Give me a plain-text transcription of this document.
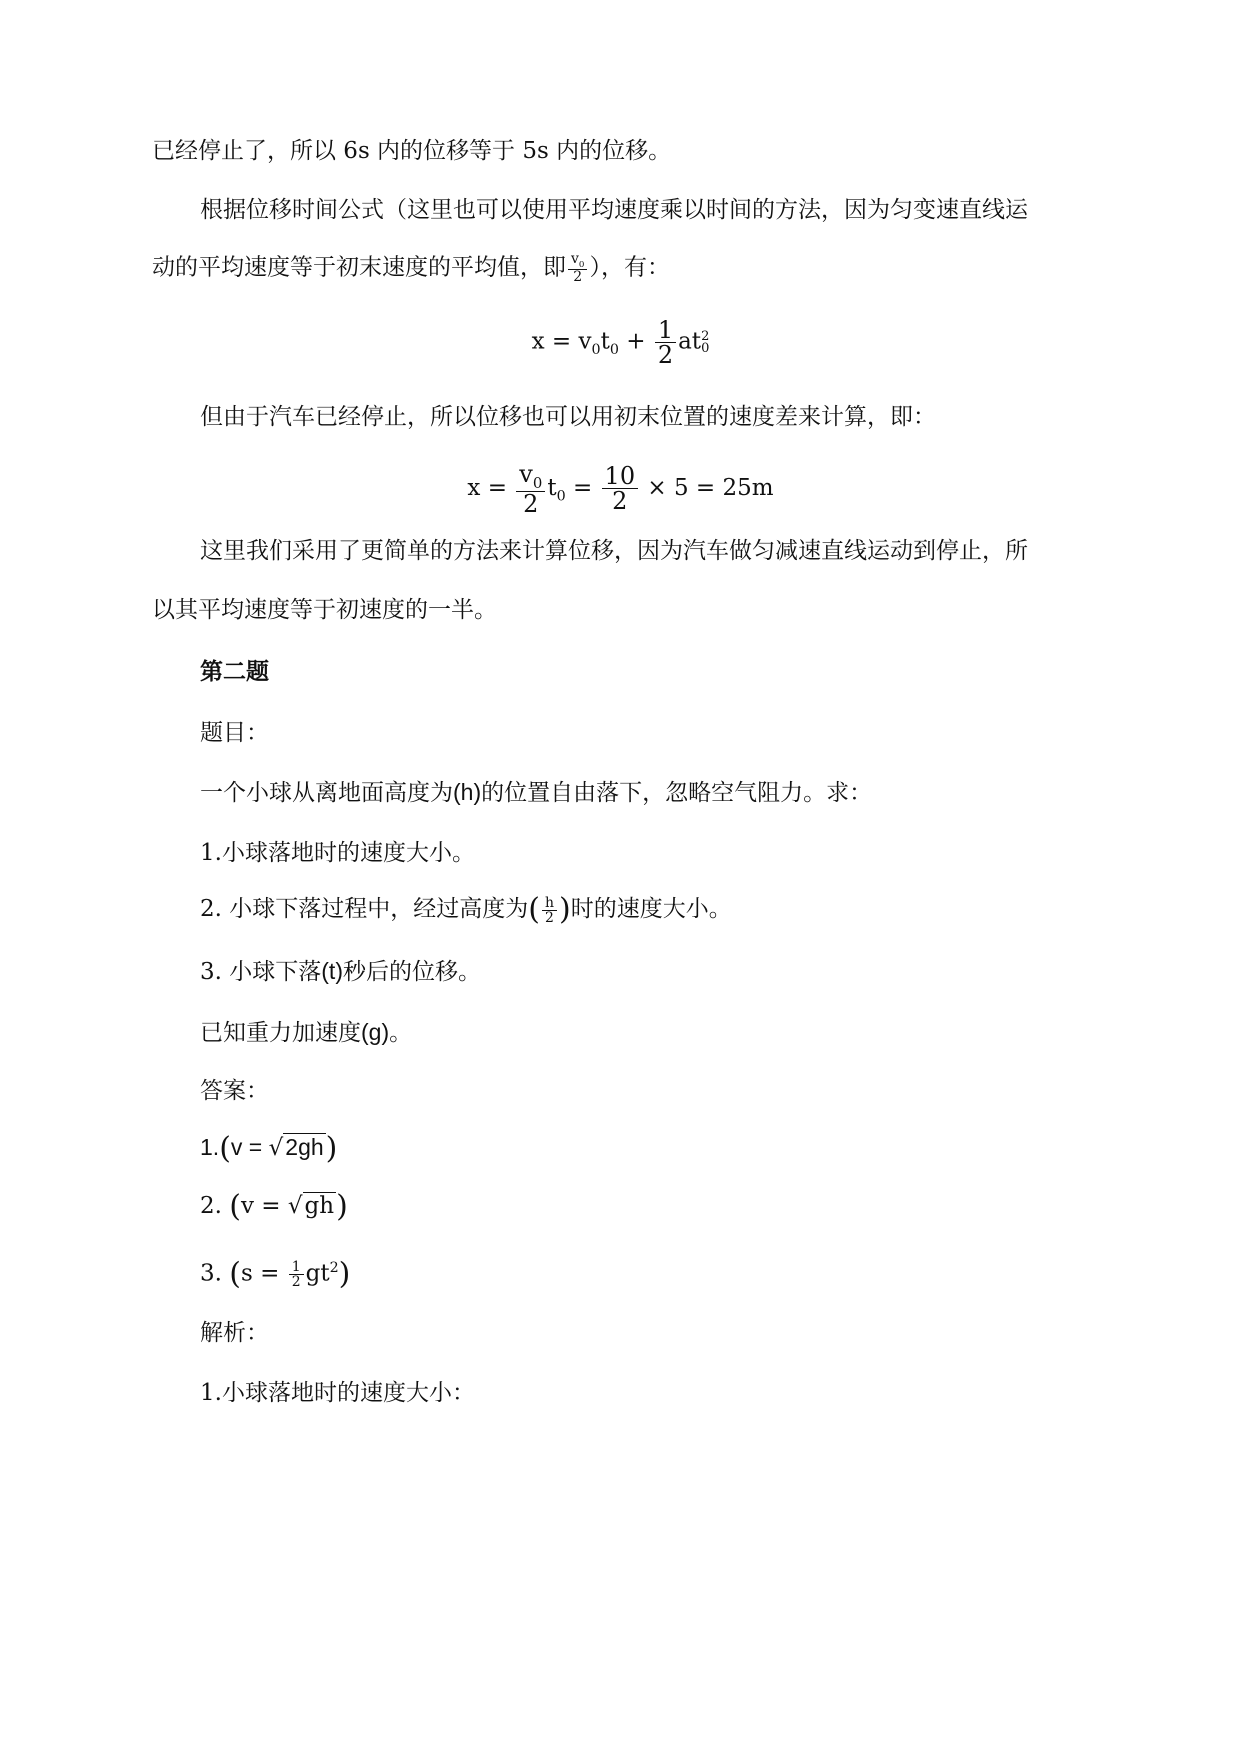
已经停止了，所以 6s 内的位移等于 5s 内的位移。
根据位移时间公式（这里也可以使用平均速度乘以时间的方法，因为匀变速直线运
动的平均速度等于初末速度的平均值，即 $\frac{v_0}{2}$ ），有：
$x = v_0t_0 + \frac{1}{2}$ at 2
0
但由于汽车已经停止，所以位移也可以用初末位置的速度差来计算，即：
$x = \frac{v_0}{2} t_0 = \frac{10}{2} \times 5 = 25m$
这里我们采用了更简单的方法来计算位移，因为汽车做匀减速直线运动到停止，所
以其平均速度等于初速度的一半。
第二题
题目：
一个小球从离地面高度为(h)的位置自由落下，忽略空气阻力。求：
1.小球落地时的速度大小。
2. 小球下落过程中，经过高度为( $\frac{h}{2}$ )时的速度大小。
3. 小球下落(t)秒后的位移。
已知重力加速度(g)。
答案：
1.(v = √2gh)
2. (v = √gh)
3. $(s = \frac{1}{2} gt^2)$
解析：
1.小球落地时的速度大小：
